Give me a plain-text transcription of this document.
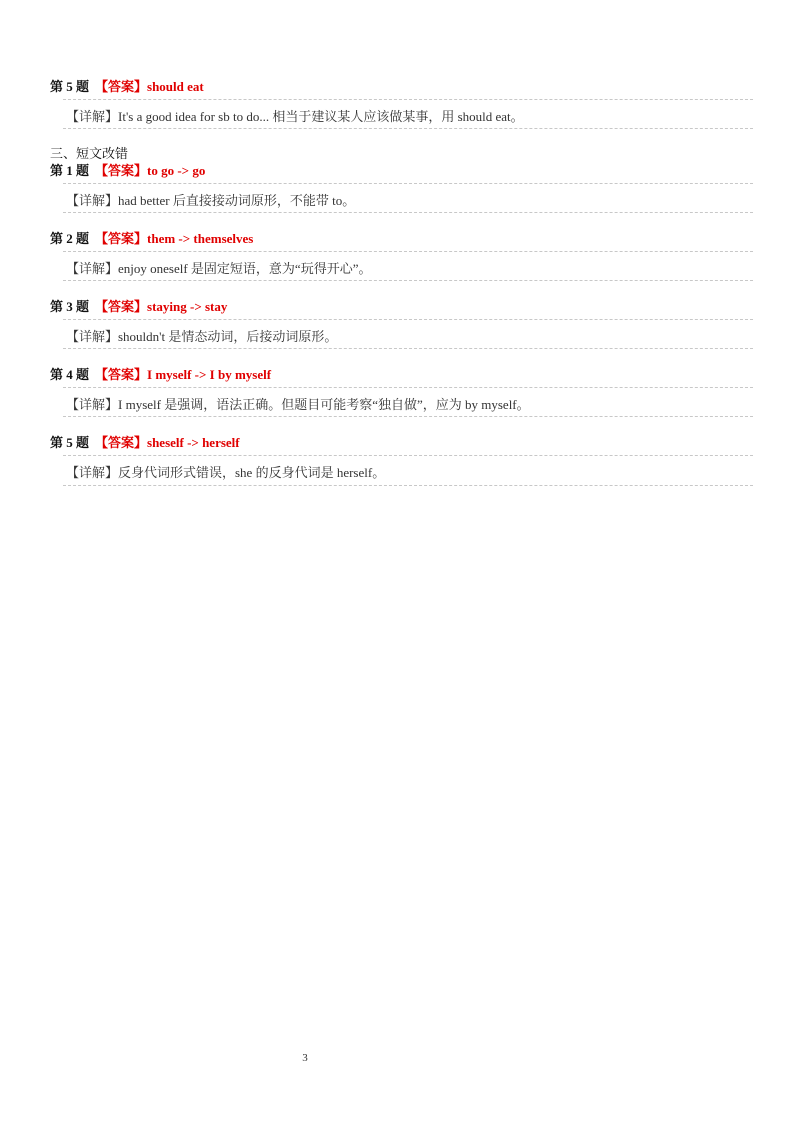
第 5 题 【答案】should eat
【详解】It's a good idea for sb to do... 相当于建议某人应该做某事，用 should eat。
三、短文改错
第 1 题 【答案】to go -> go
【详解】had better 后直接接动词原形，不能带 to。
第 2 题 【答案】them -> themselves
【详解】enjoy oneself 是固定短语，意为“玩得开心”。
第 3 题 【答案】staying -> stay
【详解】shouldn't 是情态动词，后接动词原形。
第 4 题 【答案】I myself -> I by myself
【详解】I myself 是强调，语法正确。但题目可能考察“独自做”，应为 by myself。
第 5 题 【答案】sheself -> herself
【详解】反身代词形式错误，she 的反身代词是 herself。
3
